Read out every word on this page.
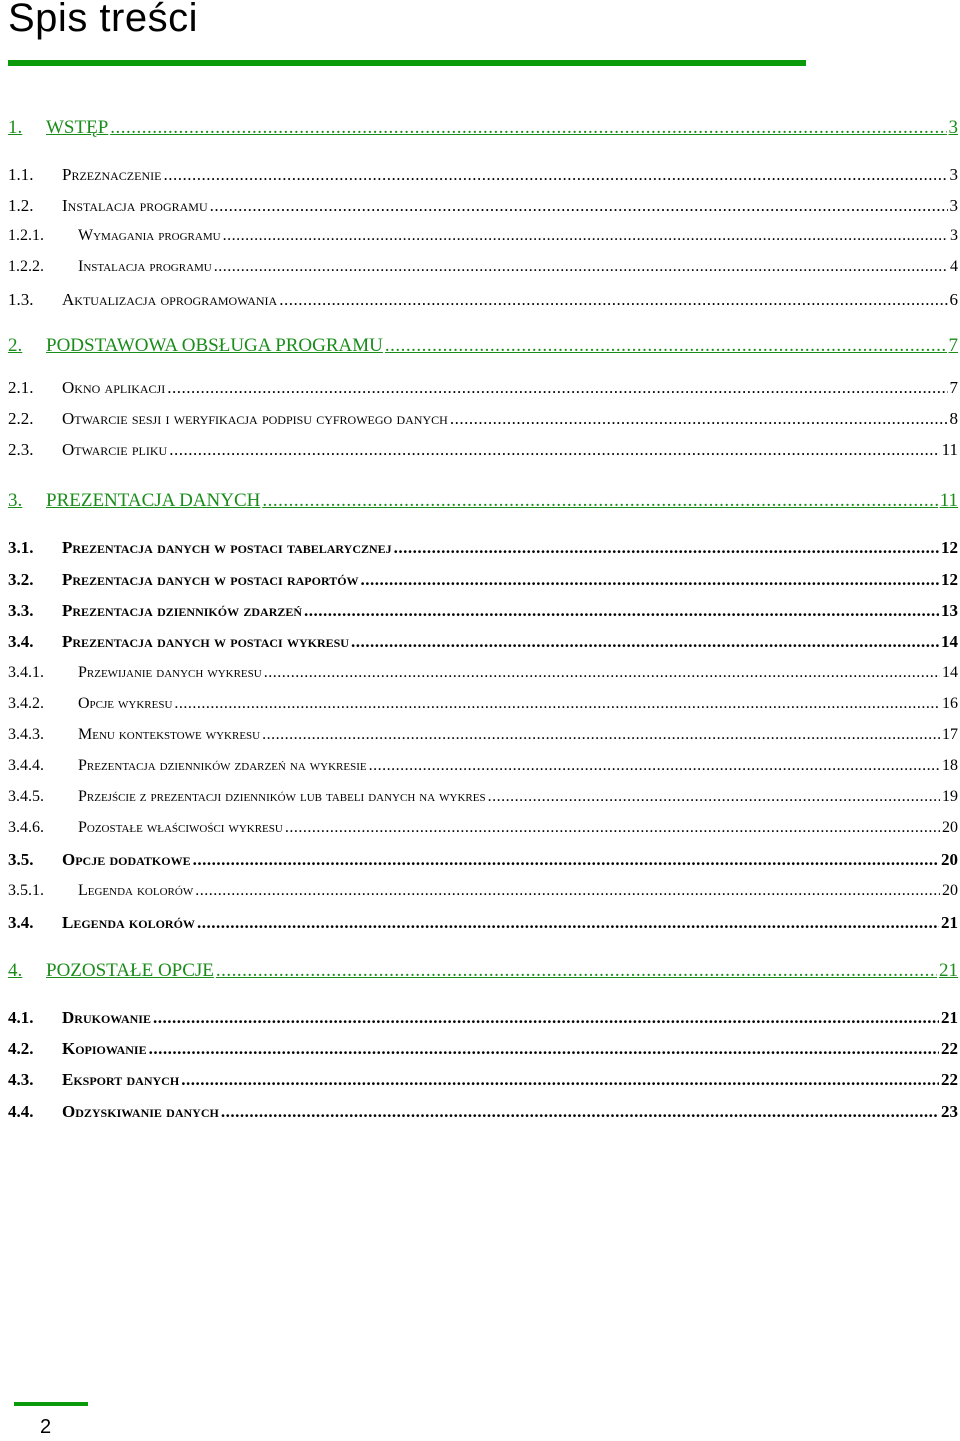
Spis treści
1.	WSTĘP .....	3
1.1.	Przeznaczenie .....	3
1.2.	Instalacja programu .....	3
1.2.1.	Wymagania programu .....	3
1.2.2.	Instalacja programu .....	4
1.3.	Aktualizacja oprogramowania .....	6
2.	PODSTAWOWA OBSŁUGA PROGRAMU .....	7
2.1.	Okno aplikacji .....	7
2.2.	Otwarcie sesji i weryfikacja podpisu cyfrowego danych .....	8
2.3.	Otwarcie pliku .....	11
3.	PREZENTACJA DANYCH .....	11
3.1.	Prezentacja danych w postaci tabelarycznej .....	12
3.2.	Prezentacja danych w postaci raportów .....	12
3.3.	Prezentacja dzienników zdarzeń .....	13
3.4.	Prezentacja danych w postaci wykresu .....	14
3.4.1.	Przewijanie danych wykresu .....	14
3.4.2.	Opcje wykresu .....	16
3.4.3.	Menu kontekstowe wykresu .....	17
3.4.4.	Prezentacja dzienników zdarzeń na wykresie .....	18
3.4.5.	Przejście z prezentacji dzienników lub tabeli danych na wykres .....	19
3.4.6.	Pozostałe właściwości wykresu .....	20
3.5.	Opcje dodatkowe .....	20
3.5.1.	Legenda kolorów .....	20
3.4.	Legenda kolorów .....	21
4.	POZOSTAŁE OPCJE .....	21
4.1.	Drukowanie .....	21
4.2.	Kopiowanie .....	22
4.3.	Eksport danych .....	22
4.4.	Odzyskiwanie danych .....	23
2
